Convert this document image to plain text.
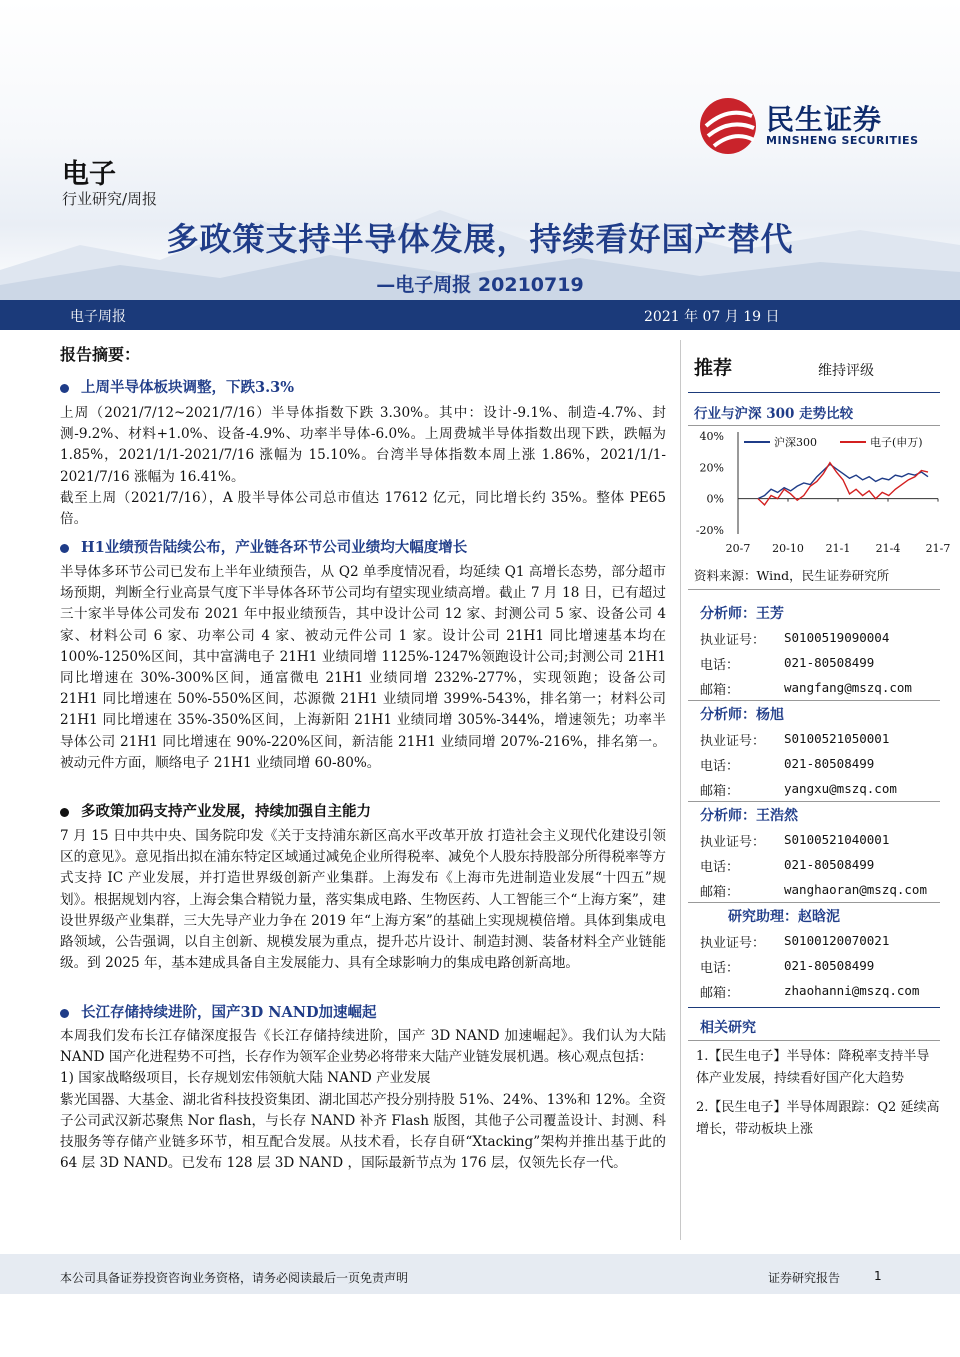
民生证券
MINSHENG SECURITIES
电子
行业研究/周报
多政策支持半导体发展，持续看好国产替代
—电子周报 20210719
电子周报	2021 年 07 月 19 日
报告摘要：
上周半导体板块调整，下跌3.3%

上周（2021/7/12~2021/7/16）半导体指数下跌 3.30%。其中：设计-9.1%、制造-4.7%、封测-9.2%、材料+1.0%、设备-4.9%、功率半导体-6.0%。上周费城半导体指数出现下跌，跌幅为 1.85%，2021/1/1-2021/7/16 涨幅为 15.10%。台湾半导体指数本周上涨 1.86%，2021/1/1-2021/7/16 涨幅为 16.41%。

截至上周（2021/7/16），A 股半导体公司总市值达 17612 亿元，同比增长约 35%。整体 PE65 倍。

H1业绩预告陆续公布，产业链各环节公司业绩均大幅度增长

半导体多环节公司已发布上半年业绩预告，从 Q2 单季度情况看，均延续 Q1 高增长态势，部分超市场预期，判断全行业高景气度下半导体各环节公司均有望实现业绩高增。截止 7 月 18 日，已有超过三十家半导体公司发布 2021 年中报业绩预告，其中设计公司 12 家、封测公司 5 家、设备公司 4 家、材料公司 6 家、功率公司 4 家、被动元件公司 1 家。设计公司 21H1 同比增速基本均在 100%-1250%区间，其中富满电子 21H1 业绩同增 1125%-1247%领跑设计公司;封测公司 21H1 同比增速在 30%-300%区间，通富微电 21H1 业绩同增 232%-277%，实现领跑；设备公司 21H1 同比增速在 50%-550%区间，芯源微 21H1 业绩同增 399%-543%，排名第一；材料公司 21H1 同比增速在 35%-350%区间，上海新阳 21H1 业绩同增 305%-344%，增速领先；功率半导体公司 21H1 同比增速在 90%-220%区间，新洁能 21H1 业绩同增 207%-216%，排名第一。被动元件方面，顺络电子 21H1 业绩同增 60-80%。

多政策加码支持产业发展，持续加强自主能力

7 月 15 日中共中央、国务院印发《关于支持浦东新区高水平改革开放 打造社会主义现代化建设引领区的意见》。意见指出拟在浦东特定区域通过减免企业所得税率、减免个人股东持股部分所得税率等方式支持 IC 产业发展，并打造世界级创新产业集群。上海发布《上海市先进制造业发展“十四五”规划》。根据规划内容，上海会集合精锐力量，落实集成电路、生物医药、人工智能三个“上海方案”，建设世界级产业集群，三大先导产业力争在 2019 年“上海方案”的基础上实现规模倍增。具体到集成电路领域，公告强调，以自主创新、规模发展为重点，提升芯片设计、制造封测、装备材料全产业链能级。到 2025 年，基本建成具备自主发展能力、具有全球影响力的集成电路创新高地。

长江存储持续进阶，国产3D NAND加速崛起

本周我们发布长江存储深度报告《长江存储持续进阶，国产 3D NAND 加速崛起》。我们认为大陆 NAND 国产化进程势不可挡，长存作为领军企业势必将带来大陆产业链发展机遇。核心观点包括：

1) 国家战略级项目，长存规划宏伟领航大陆 NAND 产业发展

紫光国器、大基金、湖北省科技投资集团、湖北国芯产投分别持股 51%、24%、13%和 12%。全资子公司武汉新芯聚焦 Nor flash，与长存 NAND 补齐 Flash 版图，其他子公司覆盖设计、封测、科技服务等存储产业链多环节，相互配合发展。从技术看，长存自研“Xtacking”架构并推出基于此的 64 层 3D NAND。已发布 128 层 3D NAND ，国际最新节点为 176 层，仅领先长存一代。

推荐	维持评级
行业与沪深 300 走势比较
40%
20%
0%
-20%
20-7 20-10 21-1 21-4 21-7
沪深300	电子(申万)
资料来源：Wind，民生证券研究所
分析师：王芳
执业证号： S0100519090004
电话：	021-80508499
邮箱：	wangfang@mszq.com
分析师：杨旭
执业证号： S0100521050001
电话：	021-80508499
邮箱：	yangxu@mszq.com
分析师：王浩然
执业证号： S0100521040001
电话：	021-80508499
邮箱：	wanghaoran@mszq.com
研究助理：赵晗泥
执业证号： S0100120070021
电话：	021-80508499
邮箱：	zhaohanni@mszq.com
相关研究
1.【民生电子】半导体：降税率支持半导体产业发展，持续看好国产化大趋势
2.【民生电子】半导体周跟踪：Q2 延续高增长，带动板块上涨
本公司具备证券投资咨询业务资格，请务必阅读最后一页免责声明	证券研究报告	1
